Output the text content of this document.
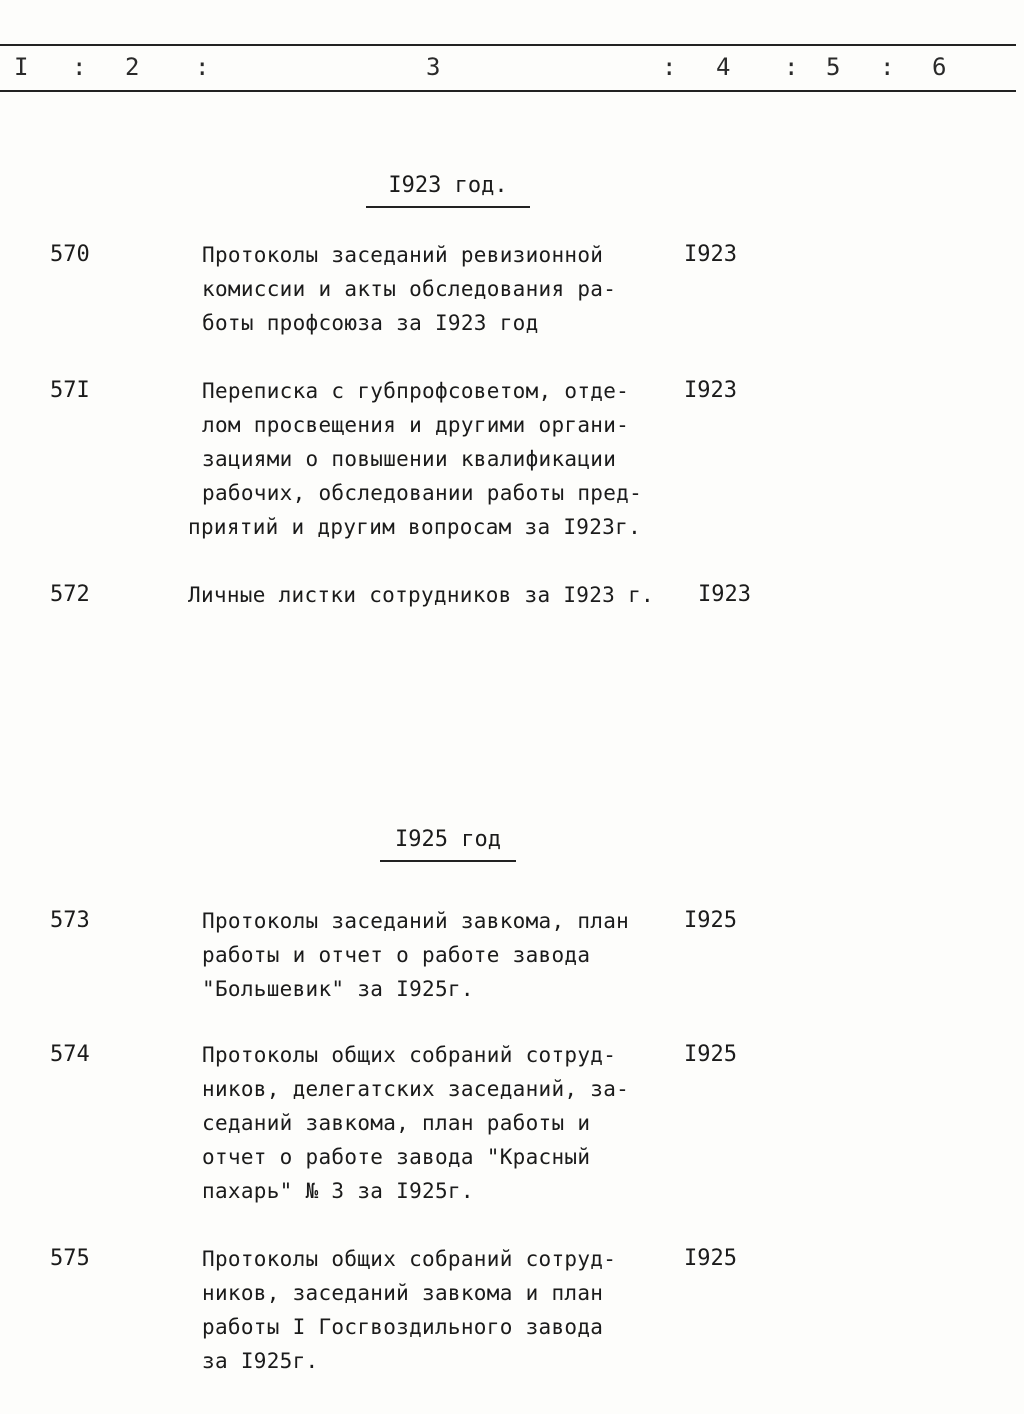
I : 2 :	3	: 4 : 5 : 6
I923 год.
570	Протоколы заседаний ревизионной
комиссии и акты обследования ра-
боты профсоюза за I923 год
I923
57I	Переписка с губпрофсоветом, отде-
лом просвещения и другими органи-
зациями о повышении квалификации
рабочих, обследовании работы пред-
приятий и другим вопросам за I923г.
I923
572	Личные листки сотрудников за I923 г. I923
I925 год
573	Протоколы заседаний завкома, план
работы и отчет о работе завода
"Большевик" за I925г.
I925
574	Протоколы общих собраний сотруд-
ников, делегатских заседаний, за-
седаний завкома, план работы и
отчет о работе завода "Красный
пахарь" № 3 за I925г.
I925
575	Протоколы общих собраний сотруд-
ников, заседаний завкома и план
работы I Госгвоздильного завода
за I925г.
I925
